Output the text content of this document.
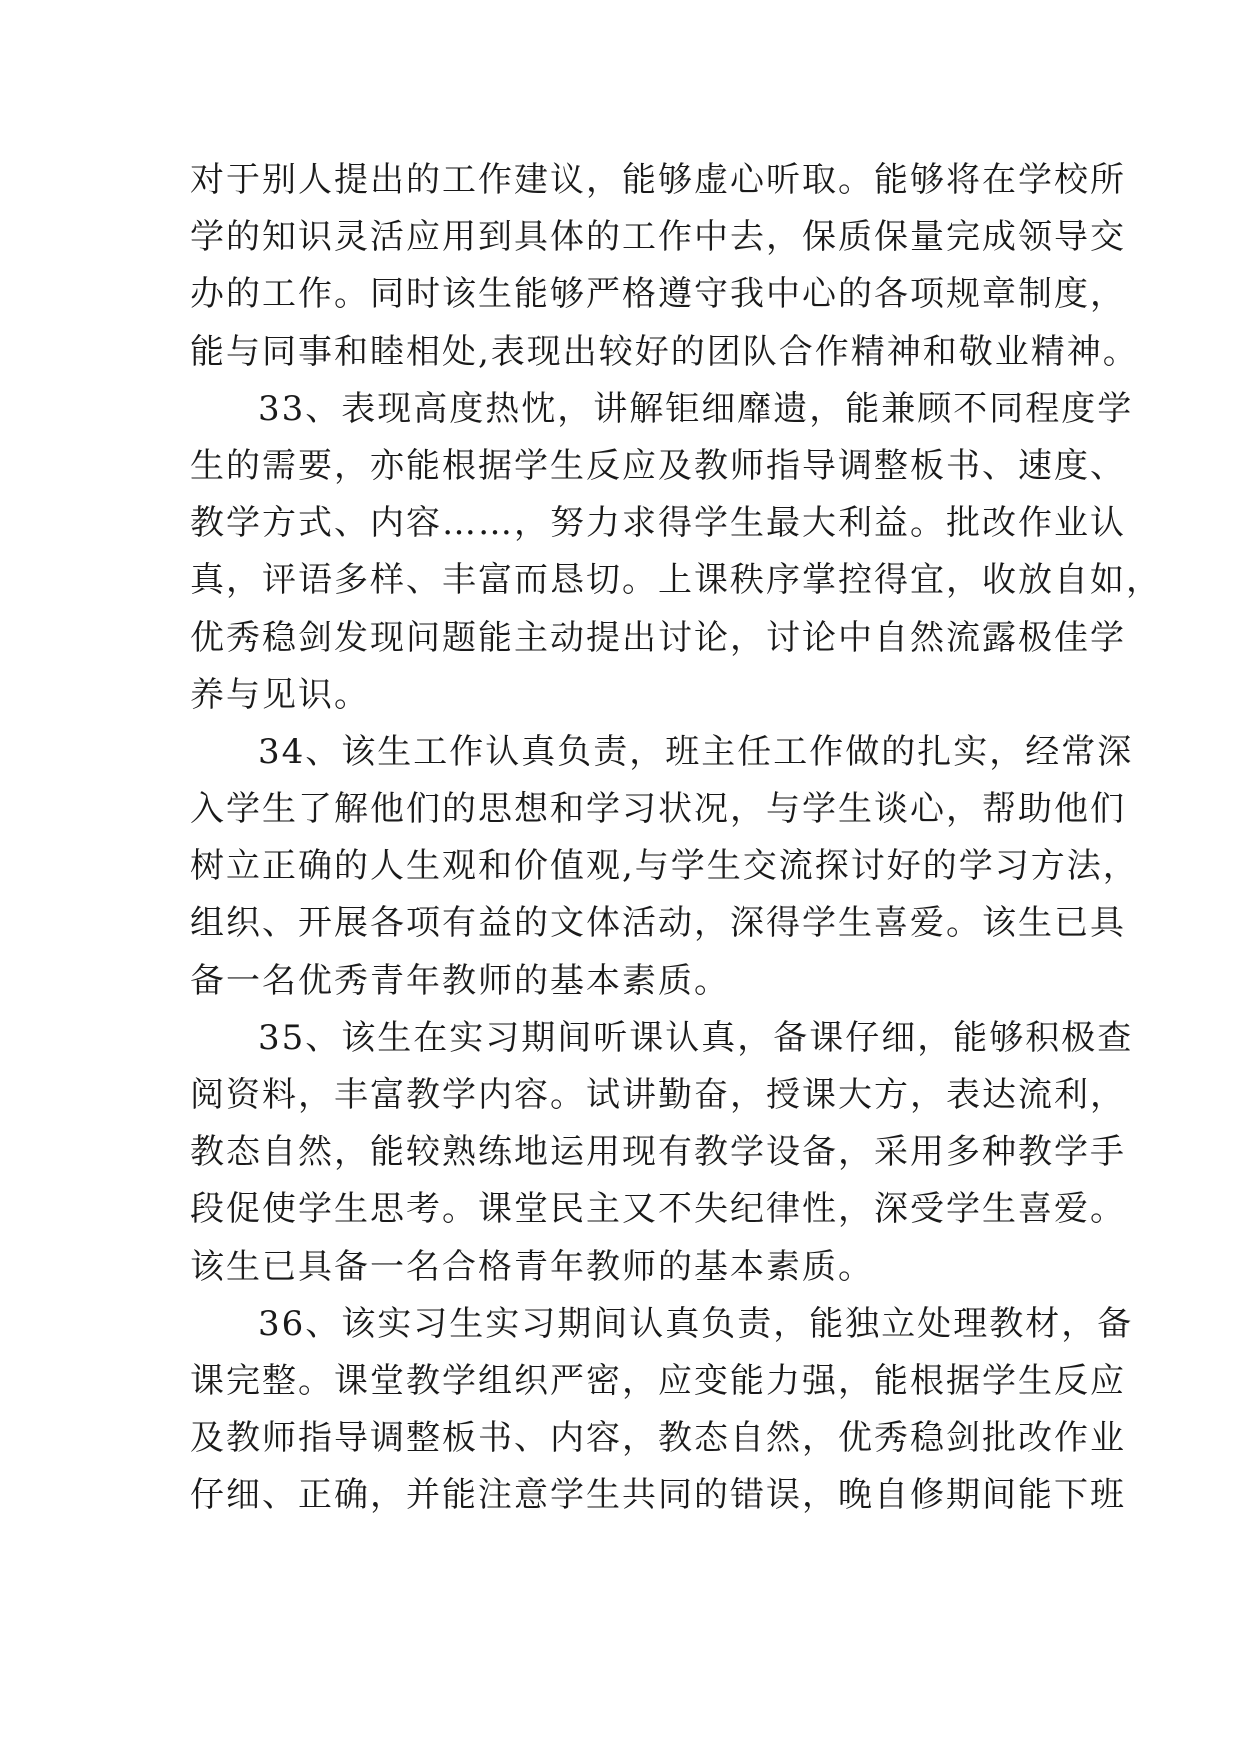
对于别人提出的工作建议，能够虚心听取。能够将在学校所
学的知识灵活应用到具体的工作中去，保质保量完成领导交
办的工作。同时该生能够严格遵守我中心的各项规章制度，
能与同事和睦相处,表现出较好的团队合作精神和敬业精神。
33、表现高度热忱，讲解钜细靡遗，能兼顾不同程度学
生的需要，亦能根据学生反应及教师指导调整板书、速度、
教学方式、内容……，努力求得学生最大利益。批改作业认
真，评语多样、丰富而恳切。上课秩序掌控得宜，收放自如，
优秀稳剑发现问题能主动提出讨论，讨论中自然流露极佳学
养与见识。
34、该生工作认真负责，班主任工作做的扎实，经常深
入学生了解他们的思想和学习状况，与学生谈心，帮助他们
树立正确的人生观和价值观,与学生交流探讨好的学习方法，
组织、开展各项有益的文体活动，深得学生喜爱。该生已具
备一名优秀青年教师的基本素质。
35、该生在实习期间听课认真，备课仔细，能够积极查
阅资料，丰富教学内容。试讲勤奋，授课大方，表达流利，
教态自然，能较熟练地运用现有教学设备，采用多种教学手
段促使学生思考。课堂民主又不失纪律性，深受学生喜爱。
该生已具备一名合格青年教师的基本素质。
36、该实习生实习期间认真负责，能独立处理教材，备
课完整。课堂教学组织严密，应变能力强，能根据学生反应
及教师指导调整板书、内容，教态自然，优秀稳剑批改作业
仔细、正确，并能注意学生共同的错误，晚自修期间能下班
